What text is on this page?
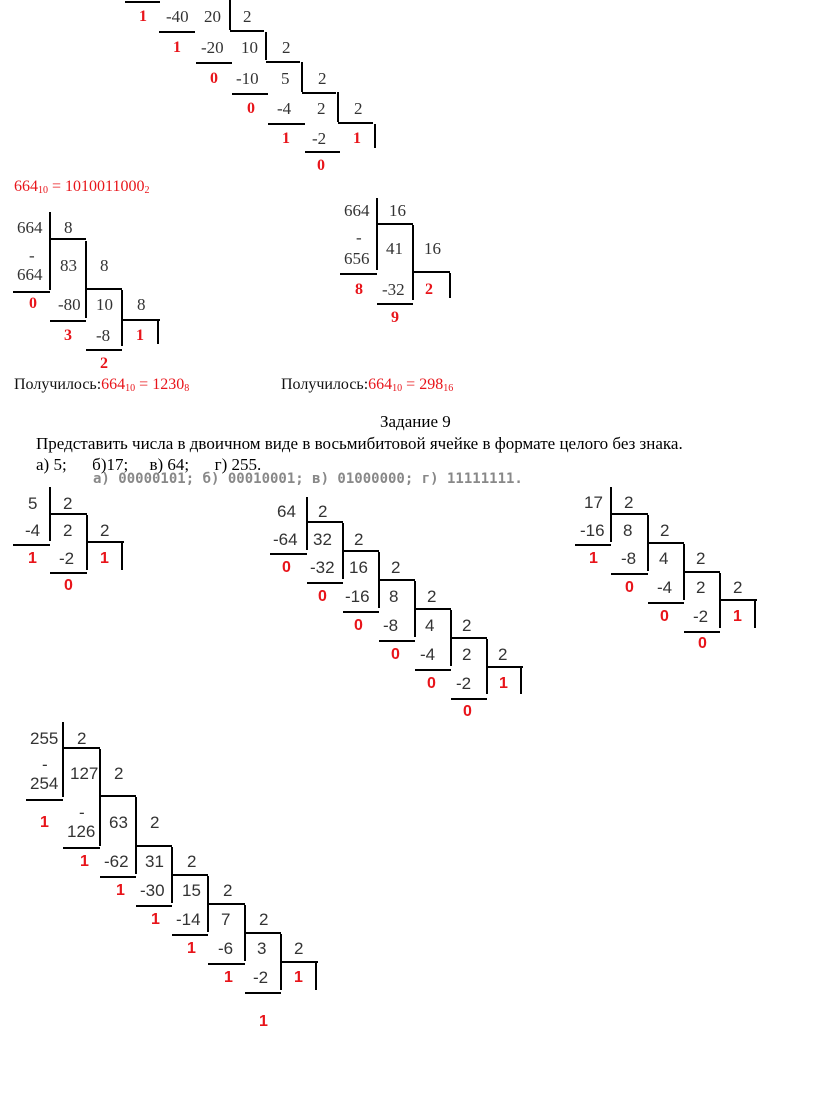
1 -40 20 2
1 -20 10 2
0 -10 5 2
0 -4 2 2
1 -2 1
0
$664_{10} = 1010011000_2$
664 8
-
664 83 8
0 -80 10 8
3 -8 1
2
$Получилось:664_{10} = 1230_8$
664 16
-
656
41 16
8 -32 2
9
$Получилось:664_{10} = 298_{16}$
Задание 9
Представить числа в двоичном виде в восьмибитовой ячейке в формате целого без знака.
а) 5;      б)17;     в) 64;      г) 255.
а) 00000101; б) 00010001; в) 01000000; г) 11111111.
5 2
-4 2 2
1 -2 1
0
64 2
-64 32 2
0 -32 16 2
0 -16 8 2
0 -8 4 2
0 -4 2 2
0 -2 1
0
17 2
-16 8 2
1 -8 4 2
0 -4 2 2
0 -2 1
0
255 2
-
254
127 2
1
-
126 63 2
1 -62 31 2
1 -30 15 2
1 -14 7 2
1 -6 3 2
1 -2 1
1
